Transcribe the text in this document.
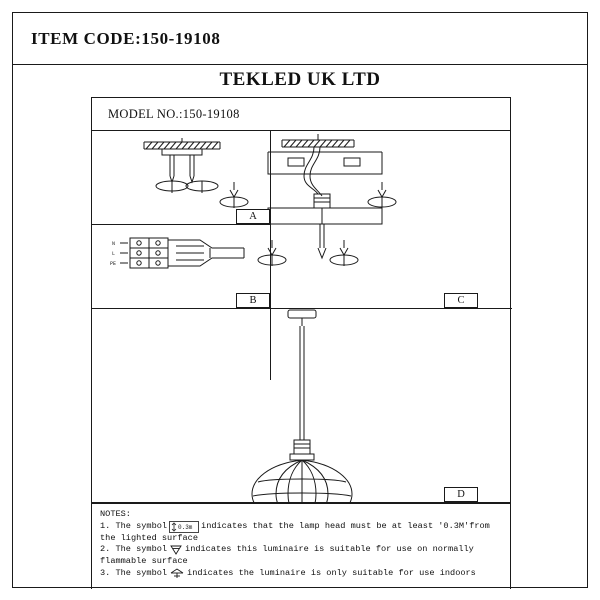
ITEM CODE:150-19108
TEKLED UK LTD
MODEL NO.:150-19108
N
L
PE
A
B	C
D
NOTES:
1. The symbol 0.3m indicates that the lamp head must be at least '0.3M'from
the lighted surface
2. The symbol indicates this luminaire is suitable for use on normally
flammable surface
3. The symbol indicates the luminaire is only suitable for use indoors
